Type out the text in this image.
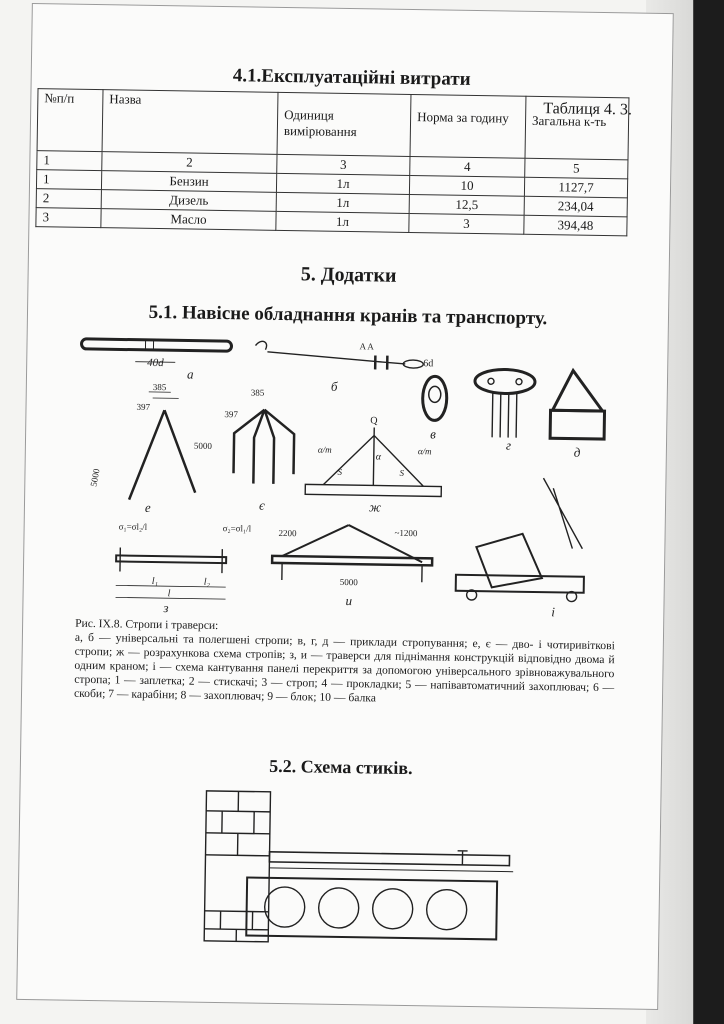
4.1.Експлуатаційні витрати
Таблиця 4. 3.
№п/п	Назва	Одиниця вимірювання	Норма за годину	Загальна к-ть
1	2	3	4	5
1	Бензин	1л	10	1127,7
2	Дизель	1л	12,5	234,04
3	Масло	1л	3	394,48
5. Додатки
5.1. Навісне обладнання кранів та транспорту.
40d
а
A A
6d
б
в
г	д
385
397
5000
е
385
397
5000
є
Q
α
α/m	α/m
S	S
ж
σ₁=σl₂/l	σ₂=σl₁/l
l₁	l₂
l
з
2200	~1200
5000
и
і

Рис. IX.8. Стропи і траверси:

а, б — універсальні та полегшені стропи; в, г, д — приклади стропування; е, є — дво- і чотиривіткові стропи; ж — розрахункова схема стропів; з, и — траверси для піднімання конструкцій відповідно двома й одним краном; і — схема кантування панелі перекриття за допомогою універсального зрівноважувального стропа; 1 — заплетка; 2 — стискачі; 3 — строп; 4 — прокладки; 5 — напівавтоматичний захоплювач; 6 — скоби; 7 — карабіни; 8 — захоплювач; 9 — блок; 10 — балка

5.2. Схема стиків.
